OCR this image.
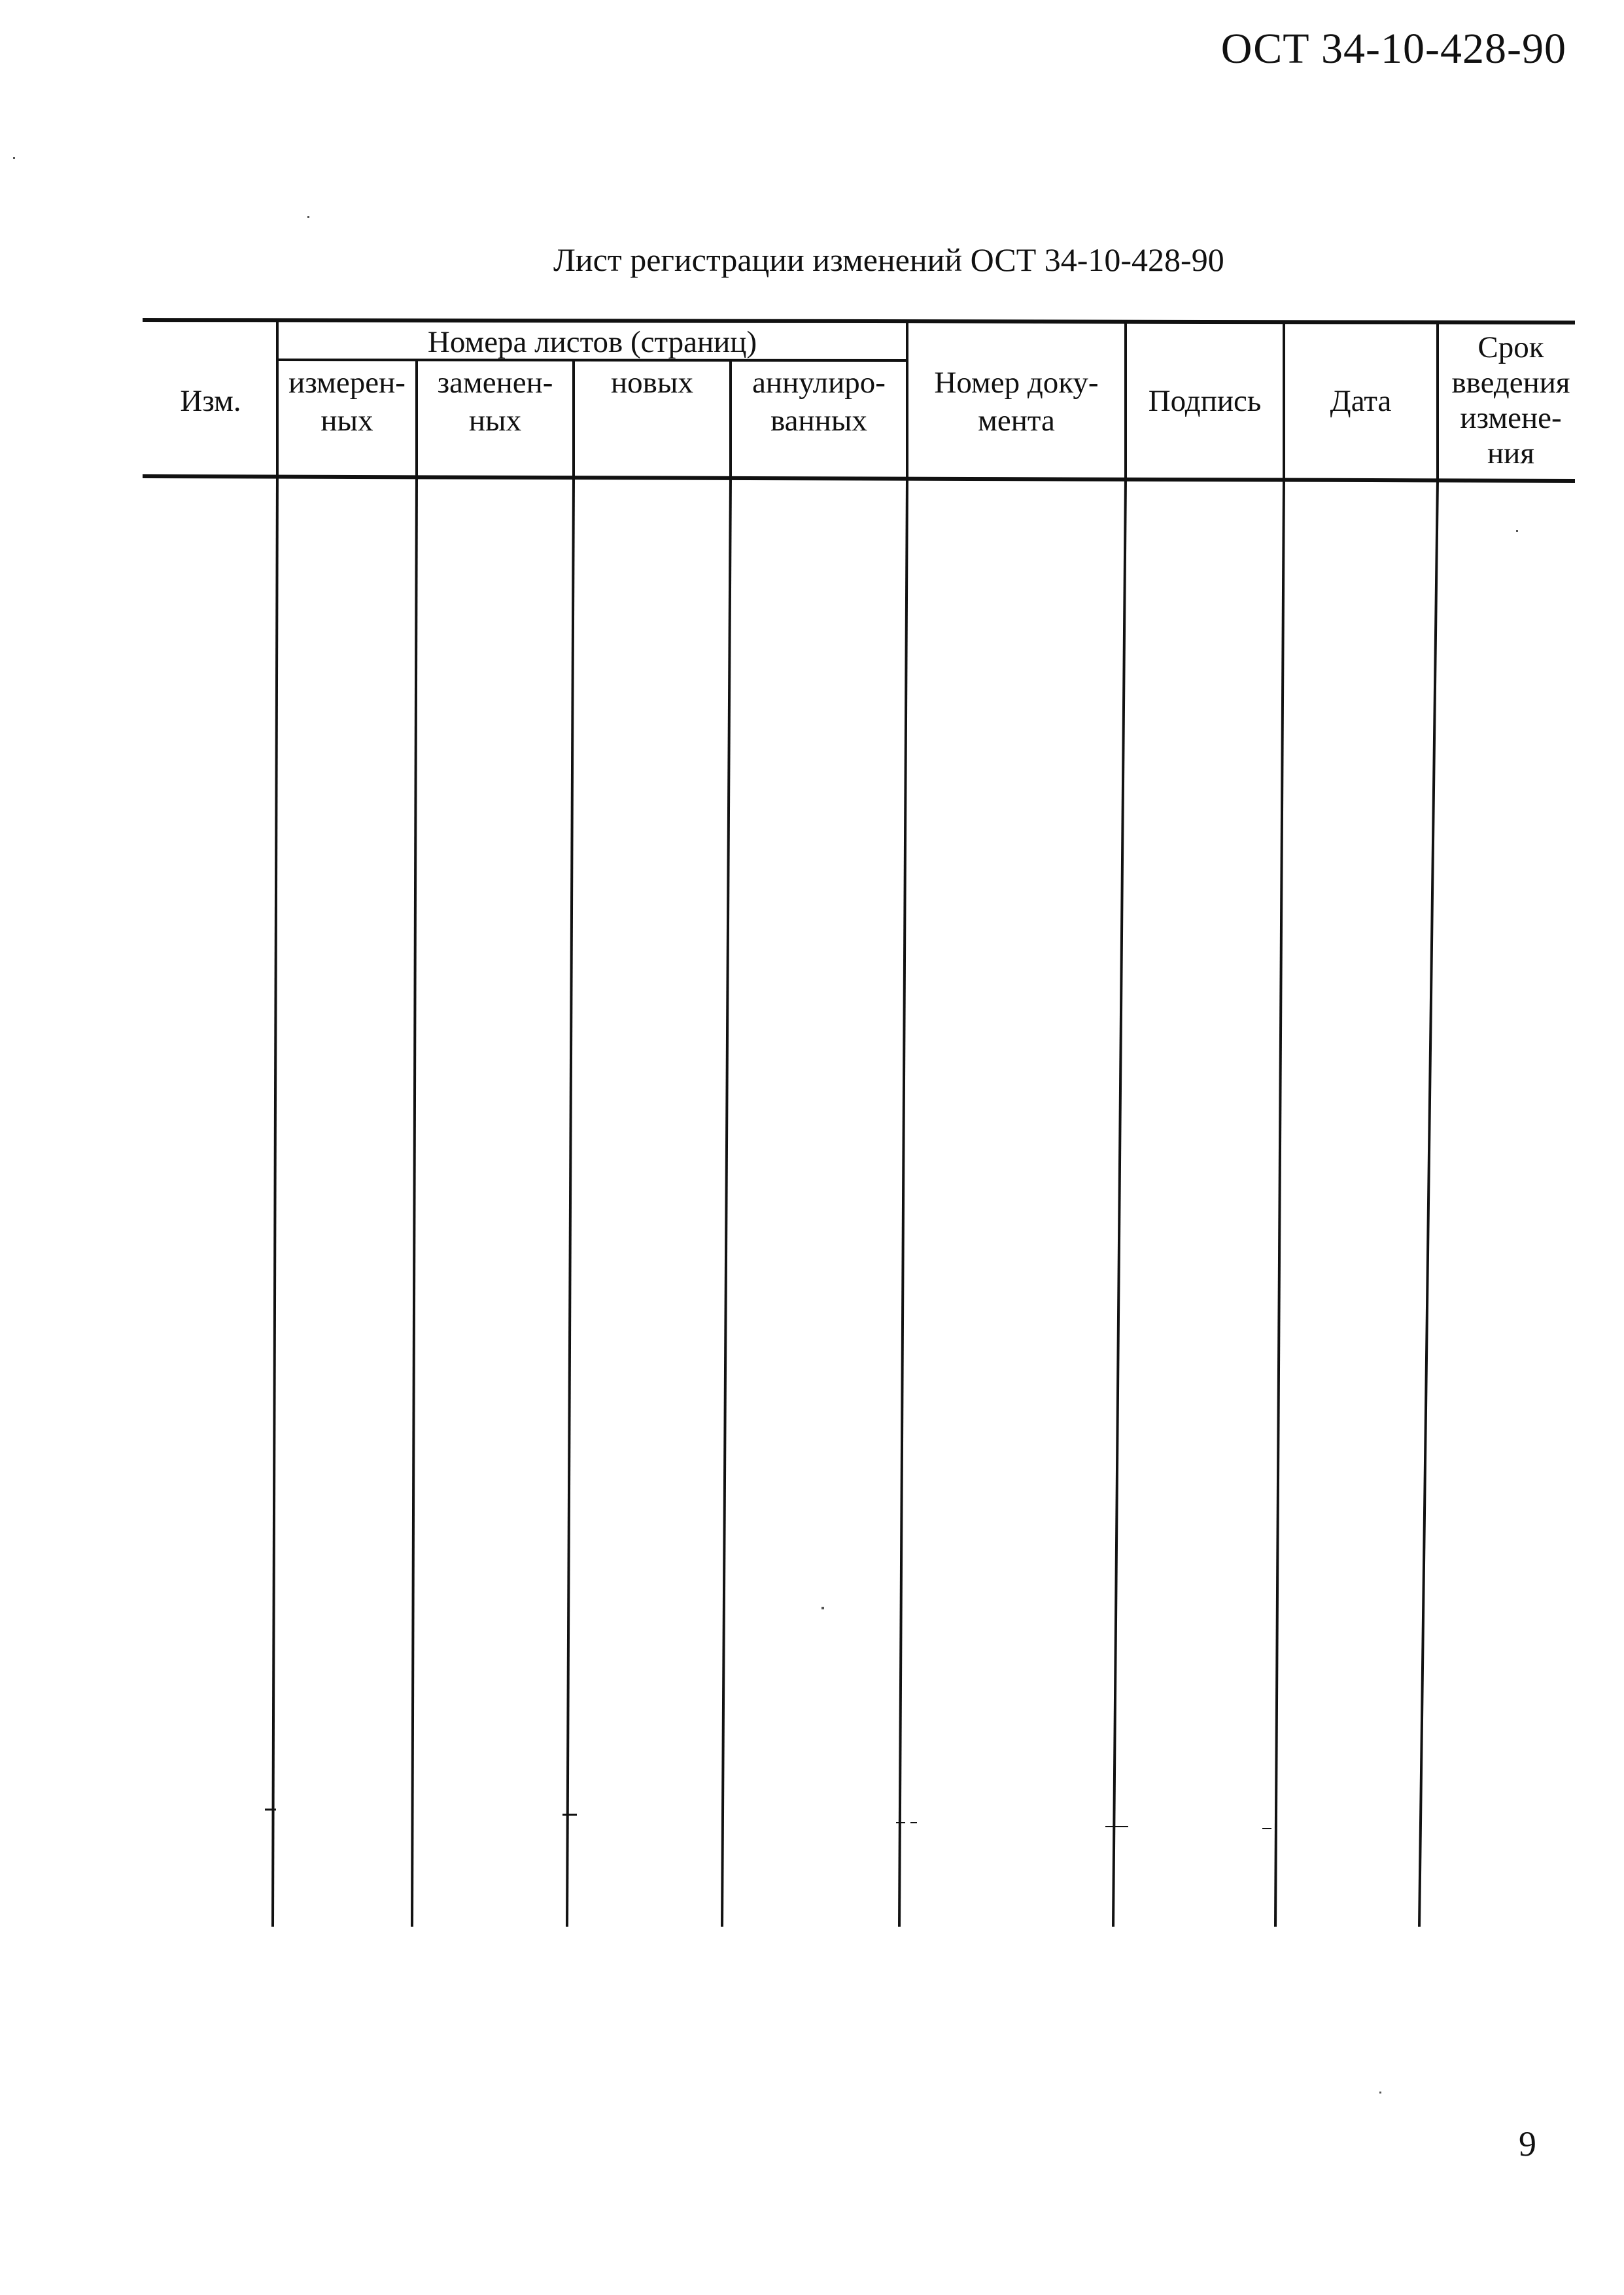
ОСТ 34-10-428-90
Лист регистрации изменений ОСТ 34-10-428-90
Номера листов (страниц)
Изм.
измерен-
ных
заменен-
ных
новых	аннулиро-
ванных
Номер доку-
мента
Подпись	Дата
Срок
введения
измене-
ния
9
